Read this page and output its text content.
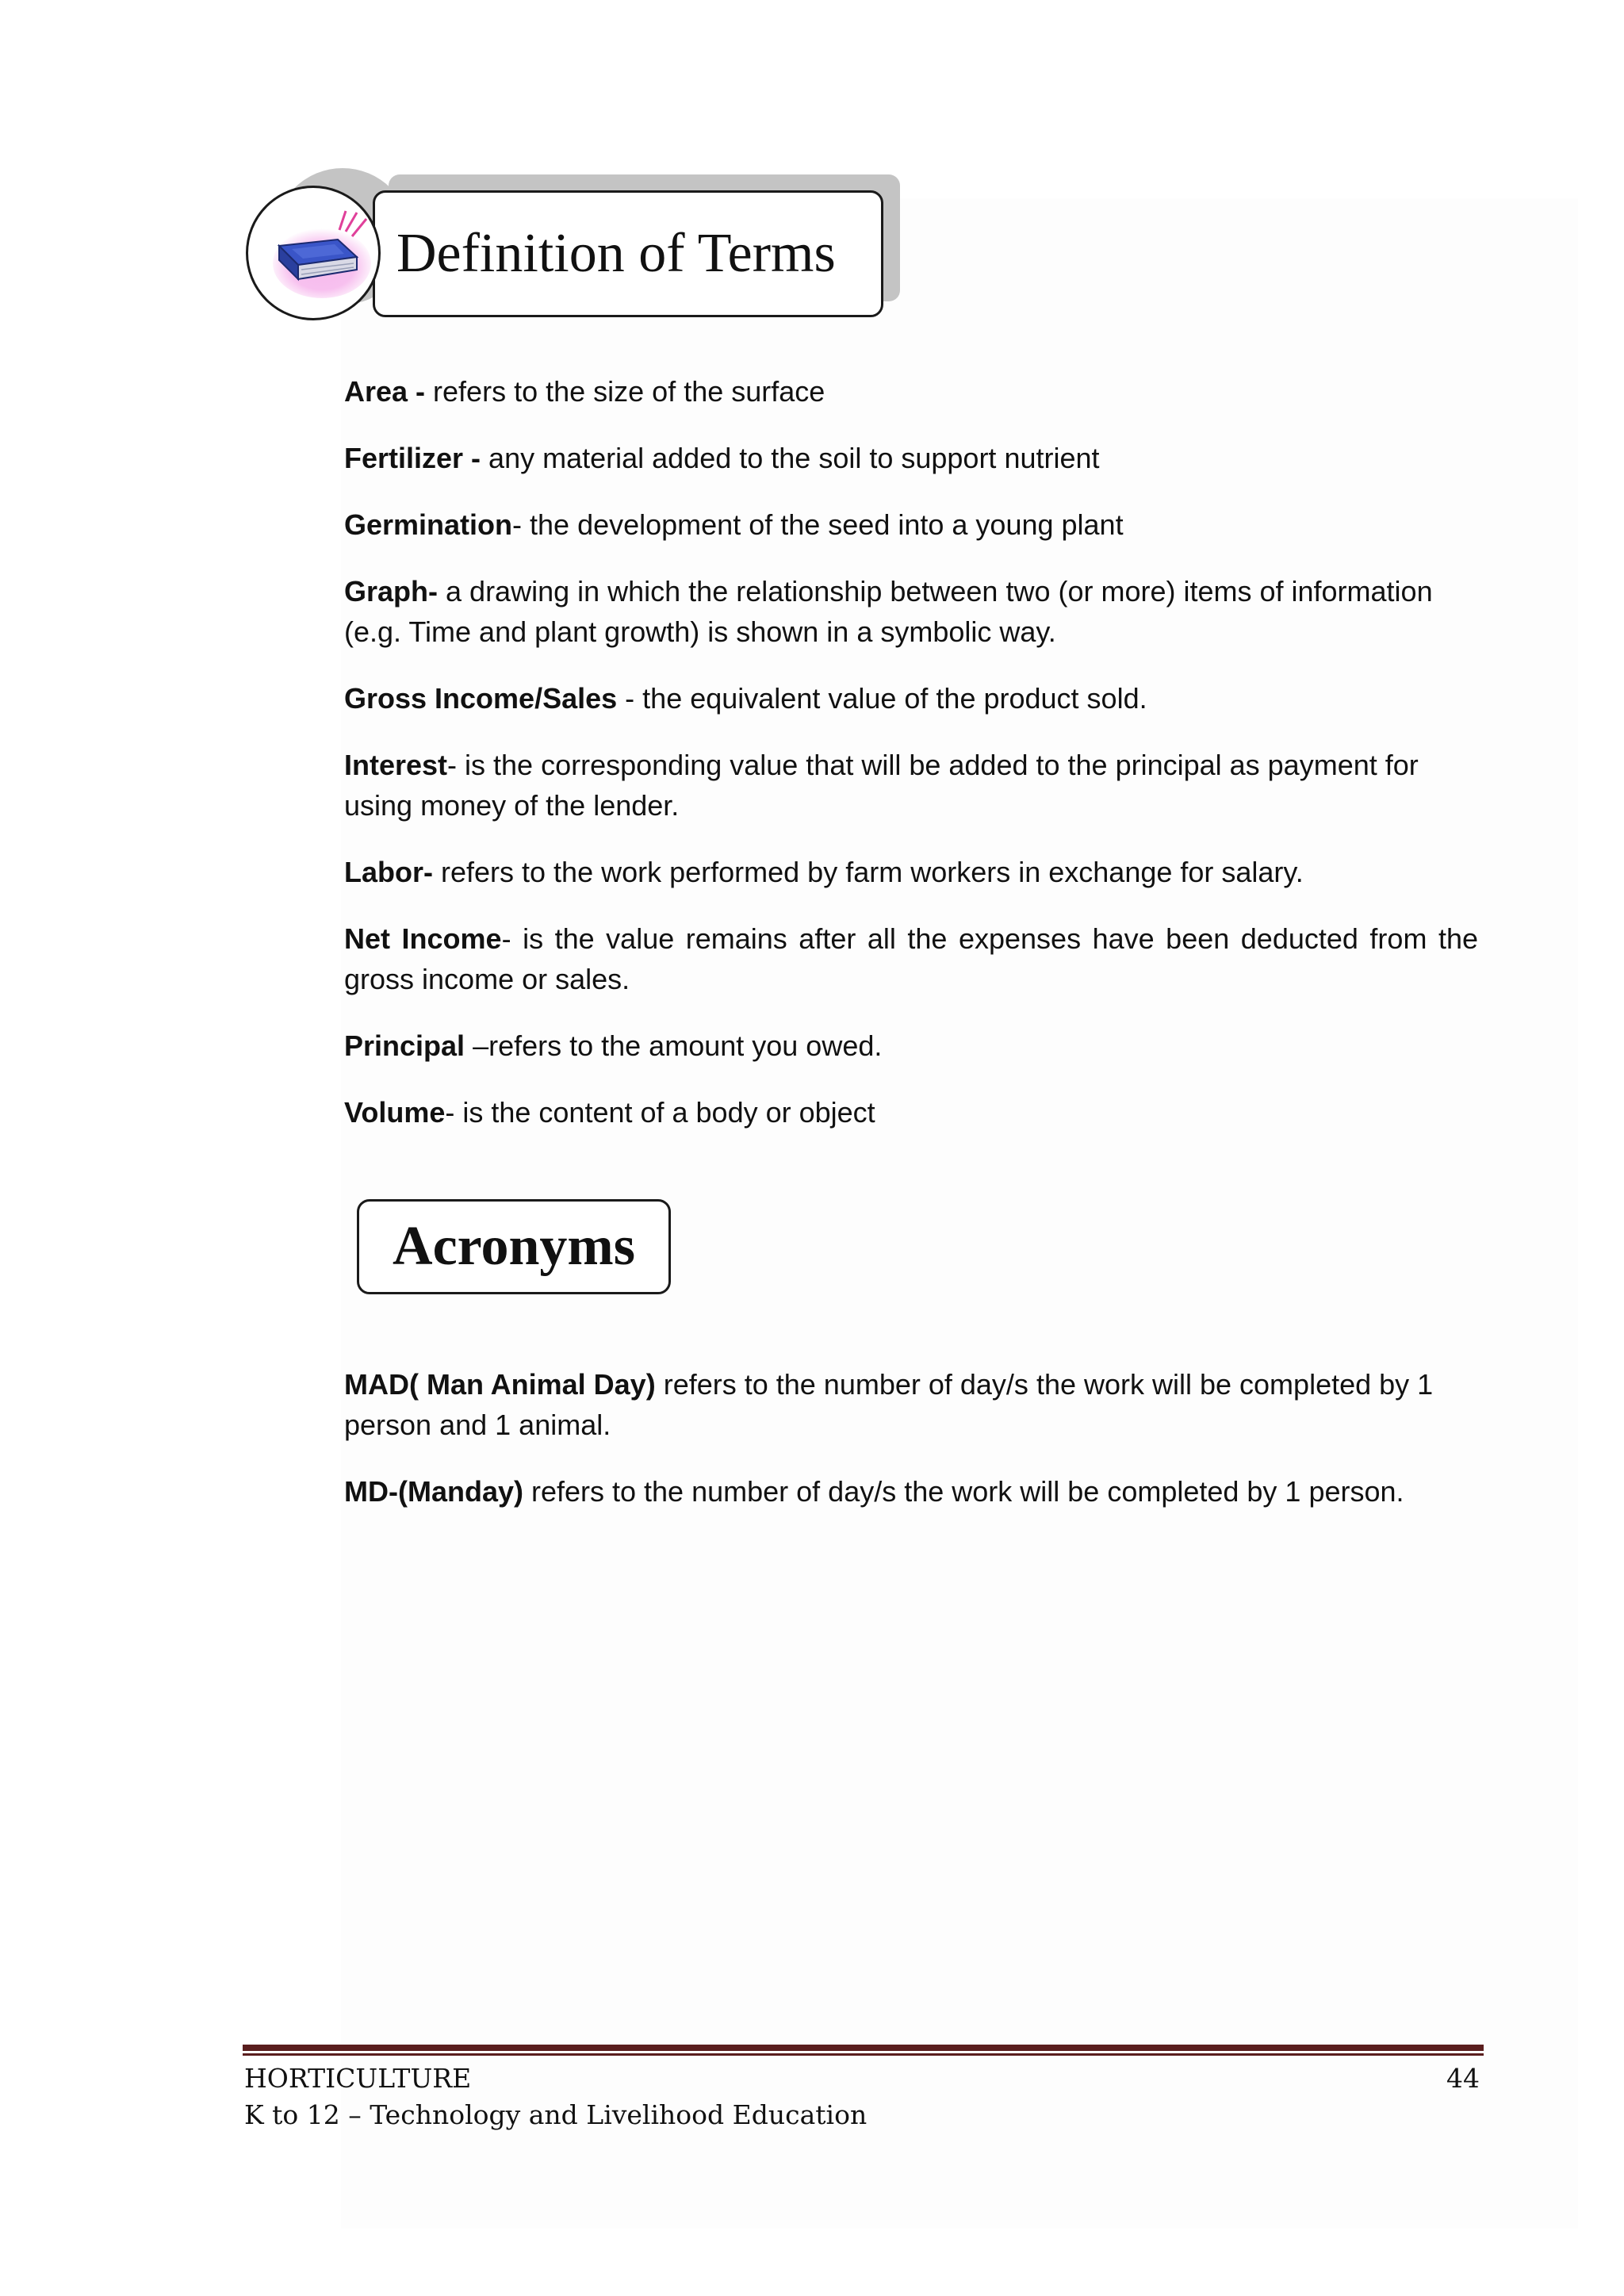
Definition of Terms
Area - refers to the size of the surface
Fertilizer - any material added to the soil to support nutrient
Germination- the development of the seed into a young plant
Graph- a drawing in which the relationship between two (or more) items of information (e.g. Time and plant growth) is shown in a symbolic way.
Gross Income/Sales - the equivalent value of the product sold.
Interest- is the corresponding value that will be added to the principal as payment for using money of the lender.
Labor- refers to the work performed by farm workers in exchange for salary.
Net Income- is the value remains after all the expenses have been deducted from the gross income or sales.
Principal –refers to the amount you owed.
Volume- is the content of a body or object
Acronyms
MAD( Man Animal Day) refers to the number of day/s the work will be completed by 1 person and 1 animal.
MD-(Manday) refers to the number of day/s the work will be completed by 1 person.
HORTICULTURE
K to 12 – Technology and Livelihood Education
44
